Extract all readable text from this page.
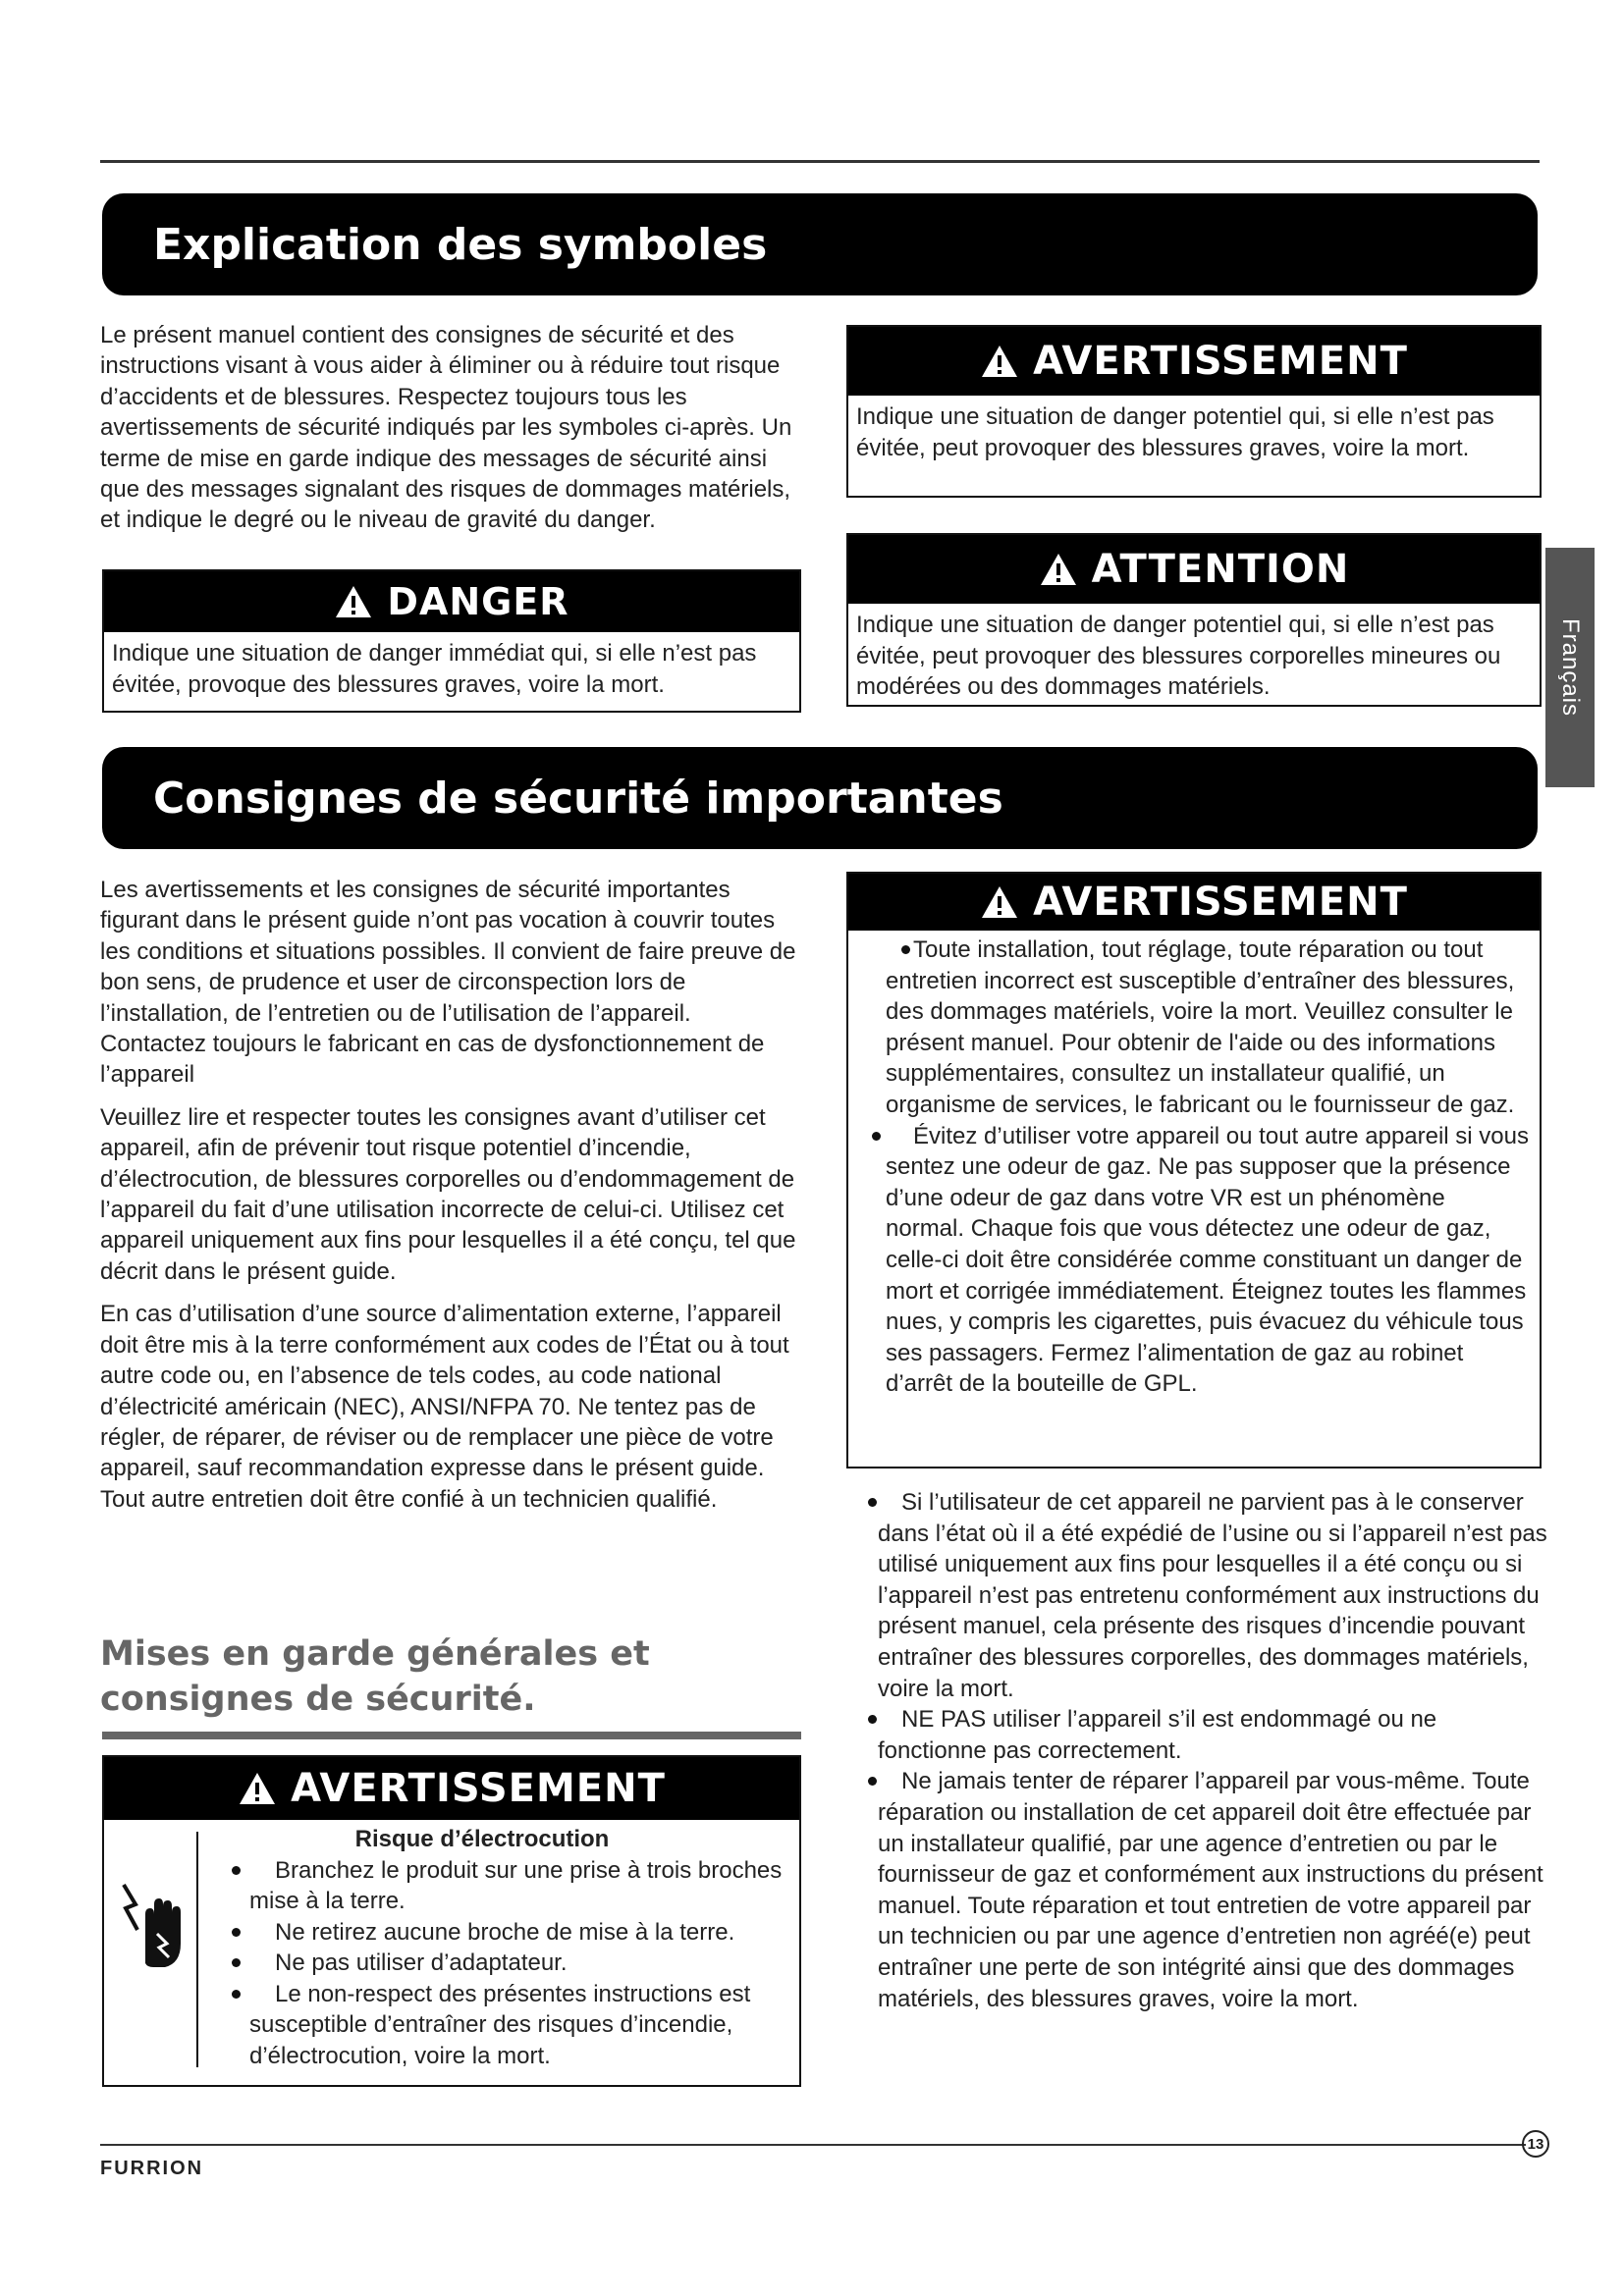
Explication des symboles

Le présent manuel contient des consignes de sécurité et des instructions visant à vous aider à éliminer ou à réduire tout risque d’accidents et de blessures. Respectez toujours tous les avertissements de sécurité indiqués par les symboles ci-après. Un terme de mise en garde indique des messages de sécurité ainsi que des messages signalant des risques de dommages matériels, et indique le degré ou le niveau de gravité du danger.

DANGER
Indique une situation de danger immédiat qui, si elle n’est pas évitée, provoque des blessures graves, voire la mort.
AVERTISSEMENT
Indique une situation de danger potentiel qui, si elle n’est pas évitée, peut provoquer des blessures graves, voire la mort.
ATTENTION
Indique une situation de danger potentiel qui, si elle n’est pas évitée, peut provoquer des blessures corporelles mineures ou modérées ou des dommages matériels.	Français
Consignes de sécurité importantes

Les avertissements et les consignes de sécurité importantes figurant dans le présent guide n’ont pas vocation à couvrir toutes les conditions et situations possibles. Il convient de faire preuve de bon sens, de prudence et user de circonspection lors de l’installation, de l’entretien ou de l’utilisation de l’appareil.

Contactez toujours le fabricant en cas de dysfonctionnement de l’appareil

Veuillez lire et respecter toutes les consignes avant d’utiliser cet appareil, afin de prévenir tout risque potentiel d’incendie, d’électrocution, de blessures corporelles ou d’endommagement de l’appareil du fait d’une utilisation incorrecte de celui-ci. Utilisez cet appareil uniquement aux fins pour lesquelles il a été conçu, tel que décrit dans le présent guide.

En cas d’utilisation d’une source d’alimentation externe, l’appareil doit être mis à la terre conformément aux codes de l’État ou à tout autre code ou, en l’absence de tels codes, au code national d’électricité américain (NEC), ANSI/NFPA 70. Ne tentez pas de régler, de réparer, de réviser ou de remplacer une pièce de votre appareil, sauf recommandation expresse dans le présent guide. Tout autre entretien doit être confié à un technicien qualifié.

Mises en garde générales et consignes de sécurité.
AVERTISSEMENT
Risque d’électrocution
Branchez le produit sur une prise à trois broches mise à la terre.
Ne retirez aucune broche de mise à la terre.
Ne pas utiliser d’adaptateur.
Le non-respect des présentes instructions est susceptible d’entraîner des risques d’incendie, d’électrocution, voire la mort.
AVERTISSEMENT
Toute installation, tout réglage, toute réparation ou tout entretien incorrect est susceptible d’entraîner des blessures, des dommages matériels, voire la mort. Veuillez consulter le présent manuel. Pour obtenir de l'aide ou des informations supplémentaires, consultez un installateur qualifié, un organisme de services, le fabricant ou le fournisseur de gaz.
Évitez d’utiliser votre appareil ou tout autre appareil si vous sentez une odeur de gaz. Ne pas supposer que la présence d’une odeur de gaz dans votre VR est un phénomène normal. Chaque fois que vous détectez une odeur de gaz, celle-ci doit être considérée comme constituant un danger de mort et corrigée immédiatement. Éteignez toutes les flammes nues, y compris les cigarettes, puis évacuez du véhicule tous ses passagers. Fermez l’alimentation de gaz au robinet d’arrêt de la bouteille de GPL.
Si l’utilisateur de cet appareil ne parvient pas à le conserver dans l’état où il a été expédié de l’usine ou si l’appareil n’est pas utilisé uniquement aux fins pour lesquelles il a été conçu ou si l’appareil n’est pas entretenu conformément aux instructions du présent manuel, cela présente des risques d’incendie pouvant entraîner des blessures corporelles, des dommages matériels, voire la mort.
NE PAS utiliser l’appareil s’il est endommagé ou ne fonctionne pas correctement.
Ne jamais tenter de réparer l’appareil par vous-même. Toute réparation ou installation de cet appareil doit être effectuée par un installateur qualifié, par une agence d’entretien ou par le fournisseur de gaz et conformément aux instructions du présent manuel. Toute réparation et tout entretien de votre appareil par un technicien ou par une agence d’entretien non agréé(e) peut entraîner une perte de son intégrité ainsi que des dommages matériels, des blessures graves, voire la mort.
13
FURRION
